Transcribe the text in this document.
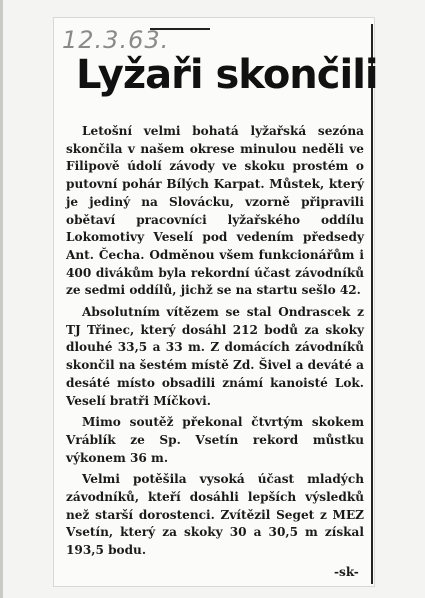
12.3.63.
Lyžaři skončili

Letošní velmi bohatá lyžařská sezóna skončila v našem okrese minulou neděli ve Filipově údolí závody ve skoku prostém o putovní pohár Bílých Karpat. Můstek, který je jediný na Slovácku, vzorně připravili obětaví pracovníci lyžařského oddílu Lokomotivy Veselí pod vedením předsedy Ant. Čecha. Odměnou všem funkcionářům i 400 divákům byla rekordní účast závodníků ze sedmi oddílů, jichž se na startu sešlo 42.

Absolutním vítězem se stal Ondrascek z TJ Třinec, který dosáhl 212 bodů za skoky dlouhé 33,5 a 33 m. Z domácích závodníků skončil na šestém místě Zd. Šivel a deváté a desáté místo obsadili známí kanoisté Lok. Veselí bratři Míčkovi.

Mimo soutěž překonal čtvrtým skokem Vráblík ze Sp. Vsetín rekord můstku výkonem 36 m.

Velmi potěšila vysoká účast mladých závodníků, kteří dosáhli lepších výsledků než starší dorostenci. Zvítězil Seget z MEZ Vsetín, který za skoky 30 a 30,5 m získal 193,5 bodu.

-sk-
